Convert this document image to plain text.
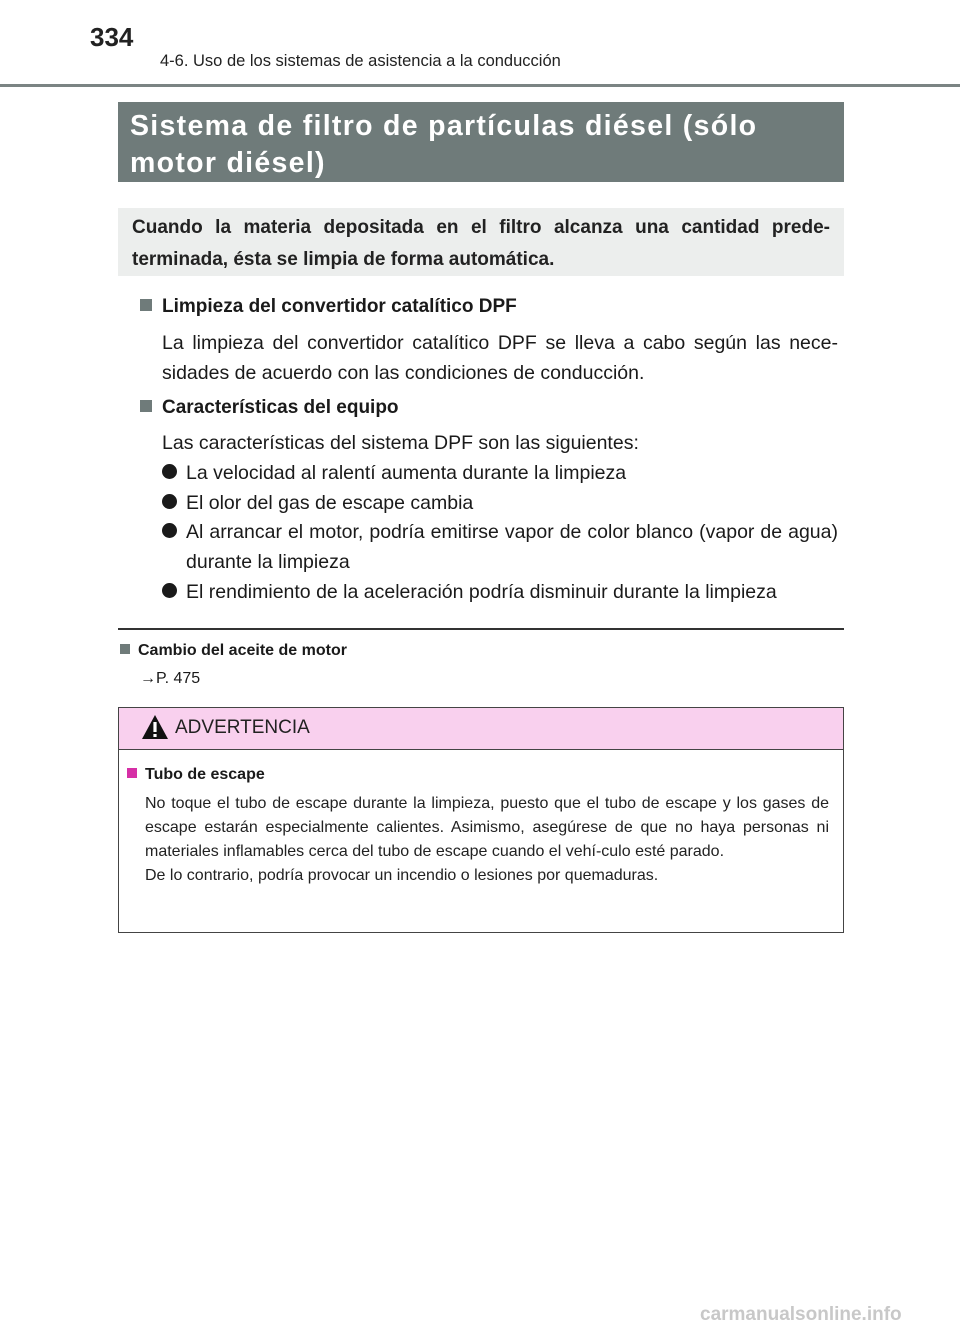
334
4-6. Uso de los sistemas de asistencia a la conducción
Sistema de filtro de partículas diésel (sólo
motor diésel)
Cuando la materia depositada en el filtro alcanza una cantidad prede-terminada, ésta se limpia de forma automática.
Limpieza del convertidor catalítico DPF
La limpieza del convertidor catalítico DPF se lleva a cabo según las nece-sidades de acuerdo con las condiciones de conducción.
Características del equipo
Las características del sistema DPF son las siguientes:
La velocidad al ralentí aumenta durante la limpieza
El olor del gas de escape cambia
Al arrancar el motor, podría emitirse vapor de color blanco (vapor de agua) durante la limpieza
El rendimiento de la aceleración podría disminuir durante la limpieza
Cambio del aceite de motor
→P. 475
ADVERTENCIA
Tubo de escape
No toque el tubo de escape durante la limpieza, puesto que el tubo de escape y los gases de escape estarán especialmente calientes. Asimismo, asegúrese de que no haya personas ni materiales inflamables cerca del tubo de escape cuando el vehí-culo esté parado.
De lo contrario, podría provocar un incendio o lesiones por quemaduras.
carmanualsonline.info
